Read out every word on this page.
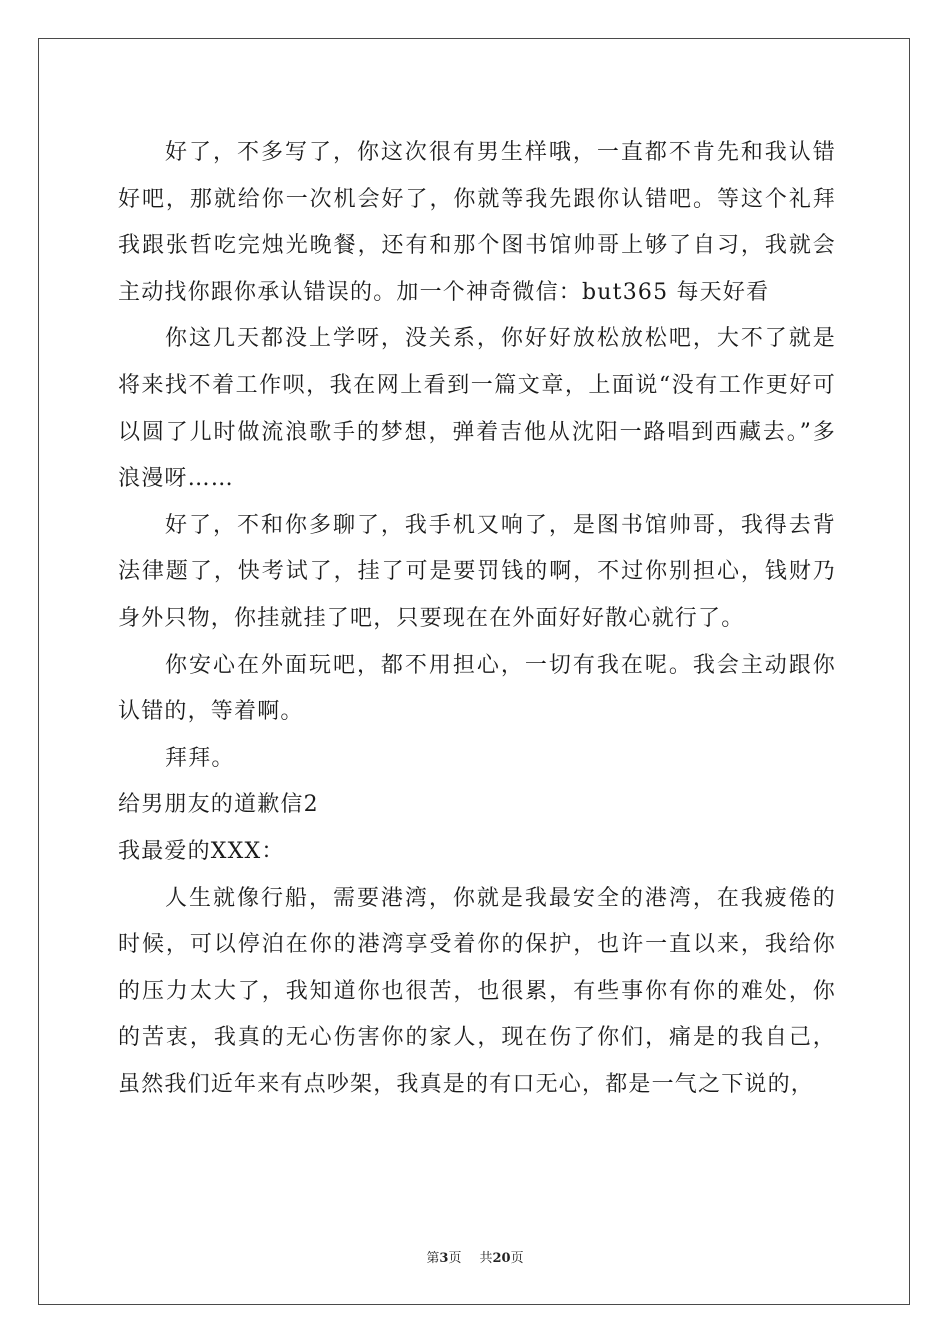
好了，不多写了，你这次很有男生样哦，一直都不肯先和我认错好吧，那就给你一次机会好了，你就等我先跟你认错吧。等这个礼拜我跟张哲吃完烛光晚餐，还有和那个图书馆帅哥上够了自习，我就会主动找你跟你承认错误的。加一个神奇微信：but365 每天好看

你这几天都没上学呀，没关系，你好好放松放松吧，大不了就是将来找不着工作呗，我在网上看到一篇文章，上面说“没有工作更好可以圆了儿时做流浪歌手的梦想，弹着吉他从沈阳一路唱到西藏去。”多浪漫呀……

好了，不和你多聊了，我手机又响了，是图书馆帅哥，我得去背法律题了，快考试了，挂了可是要罚钱的啊，不过你别担心，钱财乃身外只物，你挂就挂了吧，只要现在在外面好好散心就行了。

你安心在外面玩吧，都不用担心，一切有我在呢。我会主动跟你认错的，等着啊。

拜拜。

给男朋友的道歉信2

我最爱的XXX：

人生就像行船，需要港湾，你就是我最安全的港湾，在我疲倦的时候，可以停泊在你的港湾享受着你的保护，也许一直以来，我给你的压力太大了，我知道你也很苦，也很累，有些事你有你的难处，你的苦衷，我真的无心伤害你的家人，现在伤了你们，痛是的我自己，虽然我们近年来有点吵架，我真是的有口无心，都是一气之下说的，

第3页 共20页
